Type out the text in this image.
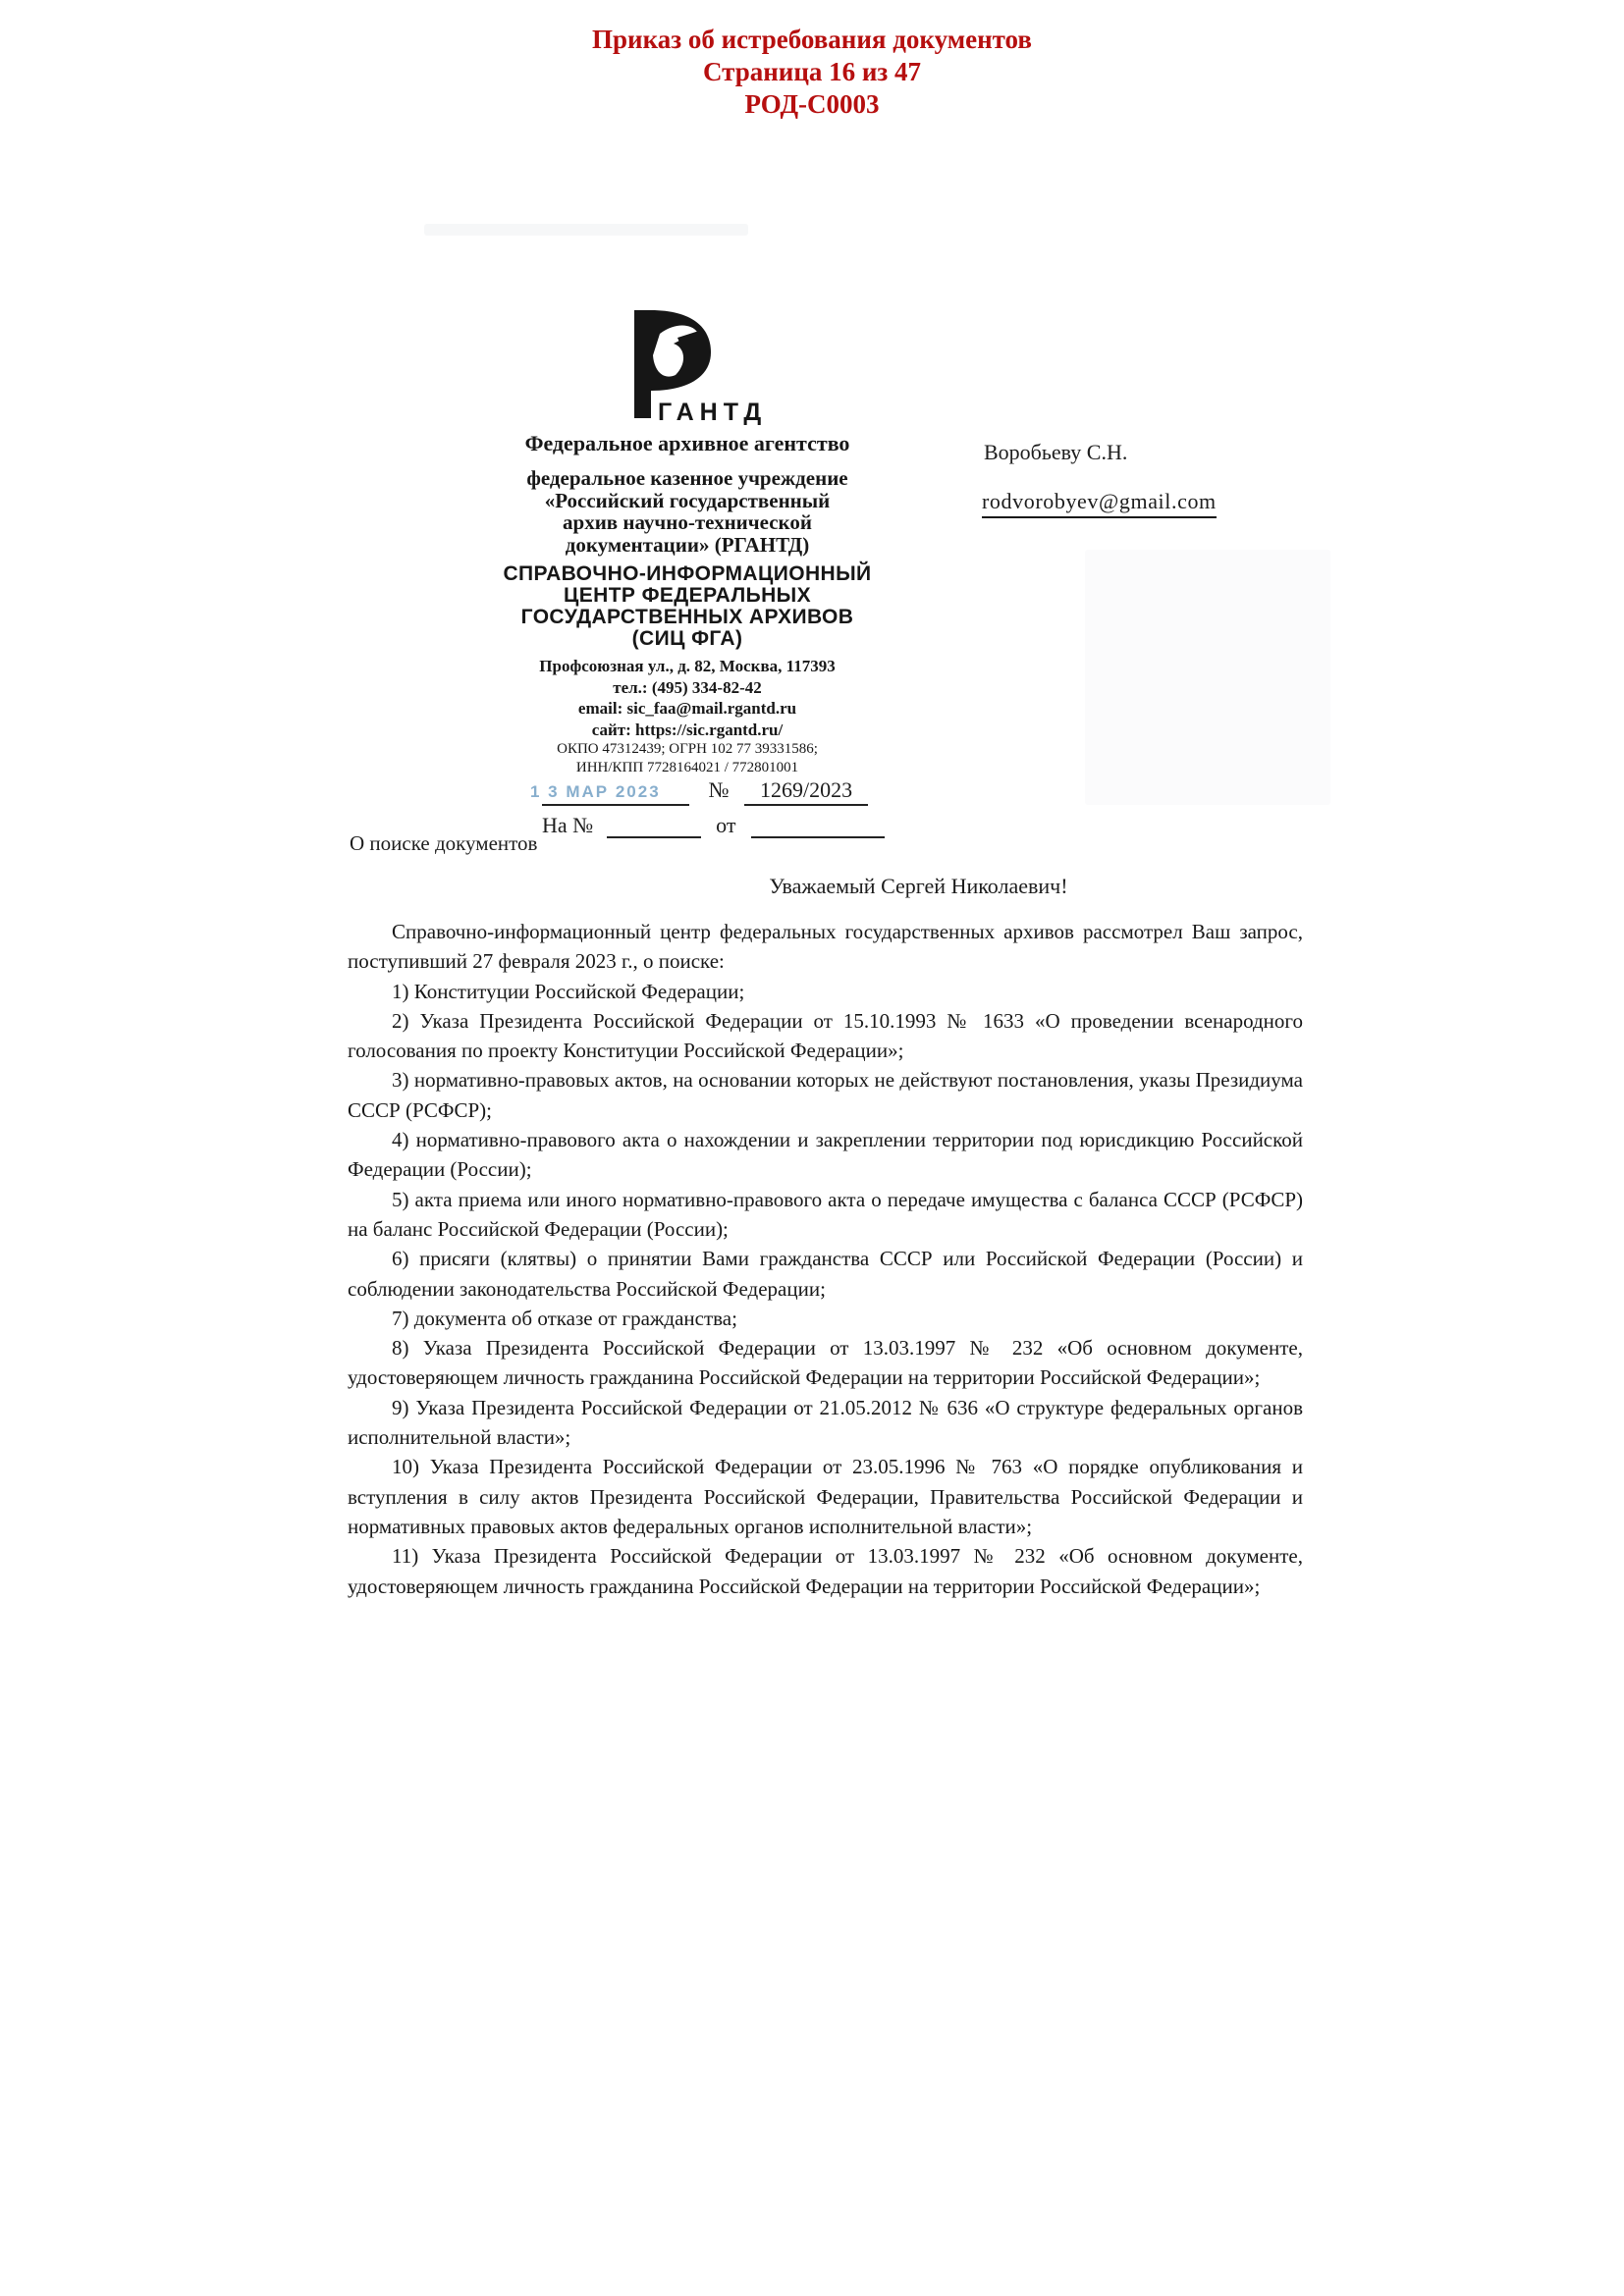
Приказ об истребования документов
Страница 16 из 47
РОД-С0003
ГАНТД
Федеральное архивное агентство
федеральное казенное учреждение
«Российский государственный
архив научно-технической
документации» (РГАНТД)
СПРАВОЧНО-ИНФОРМАЦИОННЫЙ
ЦЕНТР ФЕДЕРАЛЬНЫХ
ГОСУДАРСТВЕННЫХ АРХИВОВ
(СИЦ ФГА)
Профсоюзная ул., д. 82, Москва, 117393
тел.: (495) 334-82-42
email: sic_faa@mail.rgantd.ru
сайт: https://sic.rgantd.ru/
ОКПО 47312439; ОГРН 102 77 39331586;
ИНН/КПП 7728164021 / 772801001
1 3 МАР 2023 № 1269/2023
На №	от
О поиске документов
Воробьеву С.Н.
rodvorobyev@gmail.com

Уважаемый Сергей Николаевич!

Справочно-информационный центр федеральных государственных архивов рассмотрел Ваш запрос, поступивший 27 февраля 2023 г., о поиске:

1) Конституции Российской Федерации;

2) Указа Президента Российской Федерации от 15.10.1993 № 1633 «О проведении всенародного голосования по проекту Конституции Российской Федерации»;

3) нормативно-правовых актов, на основании которых не действуют постановления, указы Президиума СССР (РСФСР);

4) нормативно-правового акта о нахождении и закреплении территории под юрисдикцию Российской Федерации (России);

5) акта приема или иного нормативно-правового акта о передаче имущества с баланса СССР (РСФСР) на баланс Российской Федерации (России);

6) присяги (клятвы) о принятии Вами гражданства СССР или Российской Федерации (России) и соблюдении законодательства Российской Федерации;

7) документа об отказе от гражданства;

8) Указа Президента Российской Федерации от 13.03.1997 № 232 «Об основном документе, удостоверяющем личность гражданина Российской Федерации на территории Российской Федерации»;

9) Указа Президента Российской Федерации от 21.05.2012 № 636 «О структуре федеральных органов исполнительной власти»;

10) Указа Президента Российской Федерации от 23.05.1996 № 763 «О порядке опубликования и вступления в силу актов Президента Российской Федерации, Правительства Российской Федерации и нормативных правовых актов федеральных органов исполнительной власти»;

11) Указа Президента Российской Федерации от 13.03.1997 № 232 «Об основном документе, удостоверяющем личность гражданина Российской Федерации на территории Российской Федерации»;
